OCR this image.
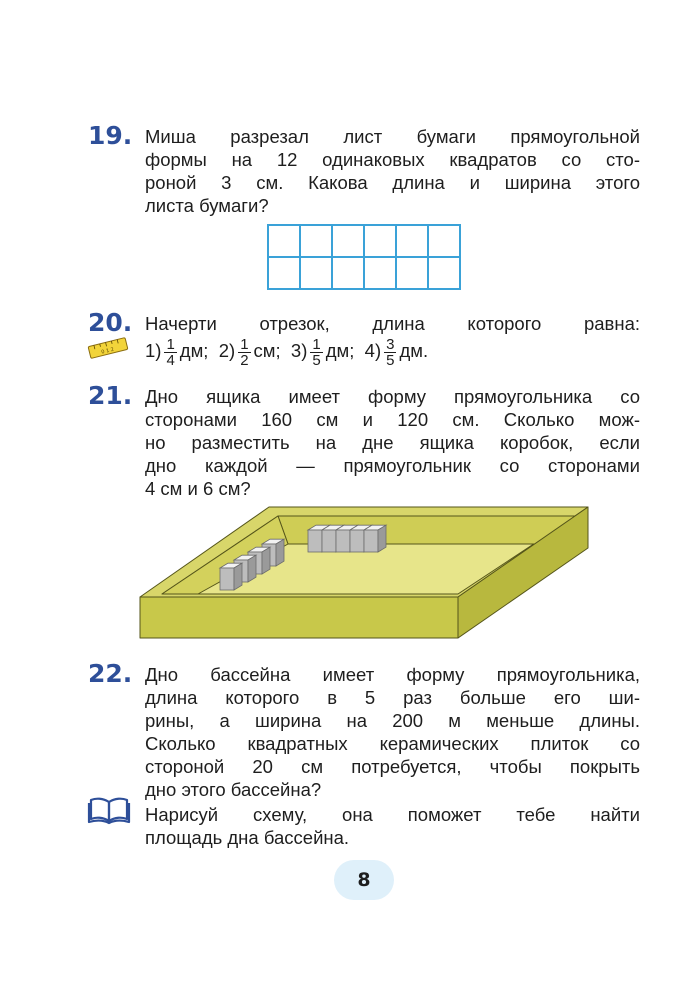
19. Миша разрезал лист бумаги прямоугольной
формы на 12 одинаковых квадратов со сто-
роной 3 см. Какова длина и ширина этого
листа бумаги?
20.
0 1 2
Начерти отрезок, длина которого равна:
$1) \frac{1}{4}$ дм; $2) \frac{1}{2}$ см; $3) \frac{1}{5}$ дм; $4) \frac{3}{5}$ дм.
21. Дно ящика имеет форму прямоугольника со
сторонами 160 см и 120 см. Сколько мож-
но разместить на дне ящика коробок, если
дно каждой — прямоугольник со сторонами
4 см и 6 см?
22. Дно бассейна имеет форму прямоугольника,
длина которого в 5 раз больше его ши-
рины, а ширина на 200 м меньше длины.
Сколько квадратных керамических плиток со
стороной 20 см потребуется, чтобы покрыть
дно этого бассейна?
Нарисуй схему, она поможет тебе найти
площадь дна бассейна.
8
